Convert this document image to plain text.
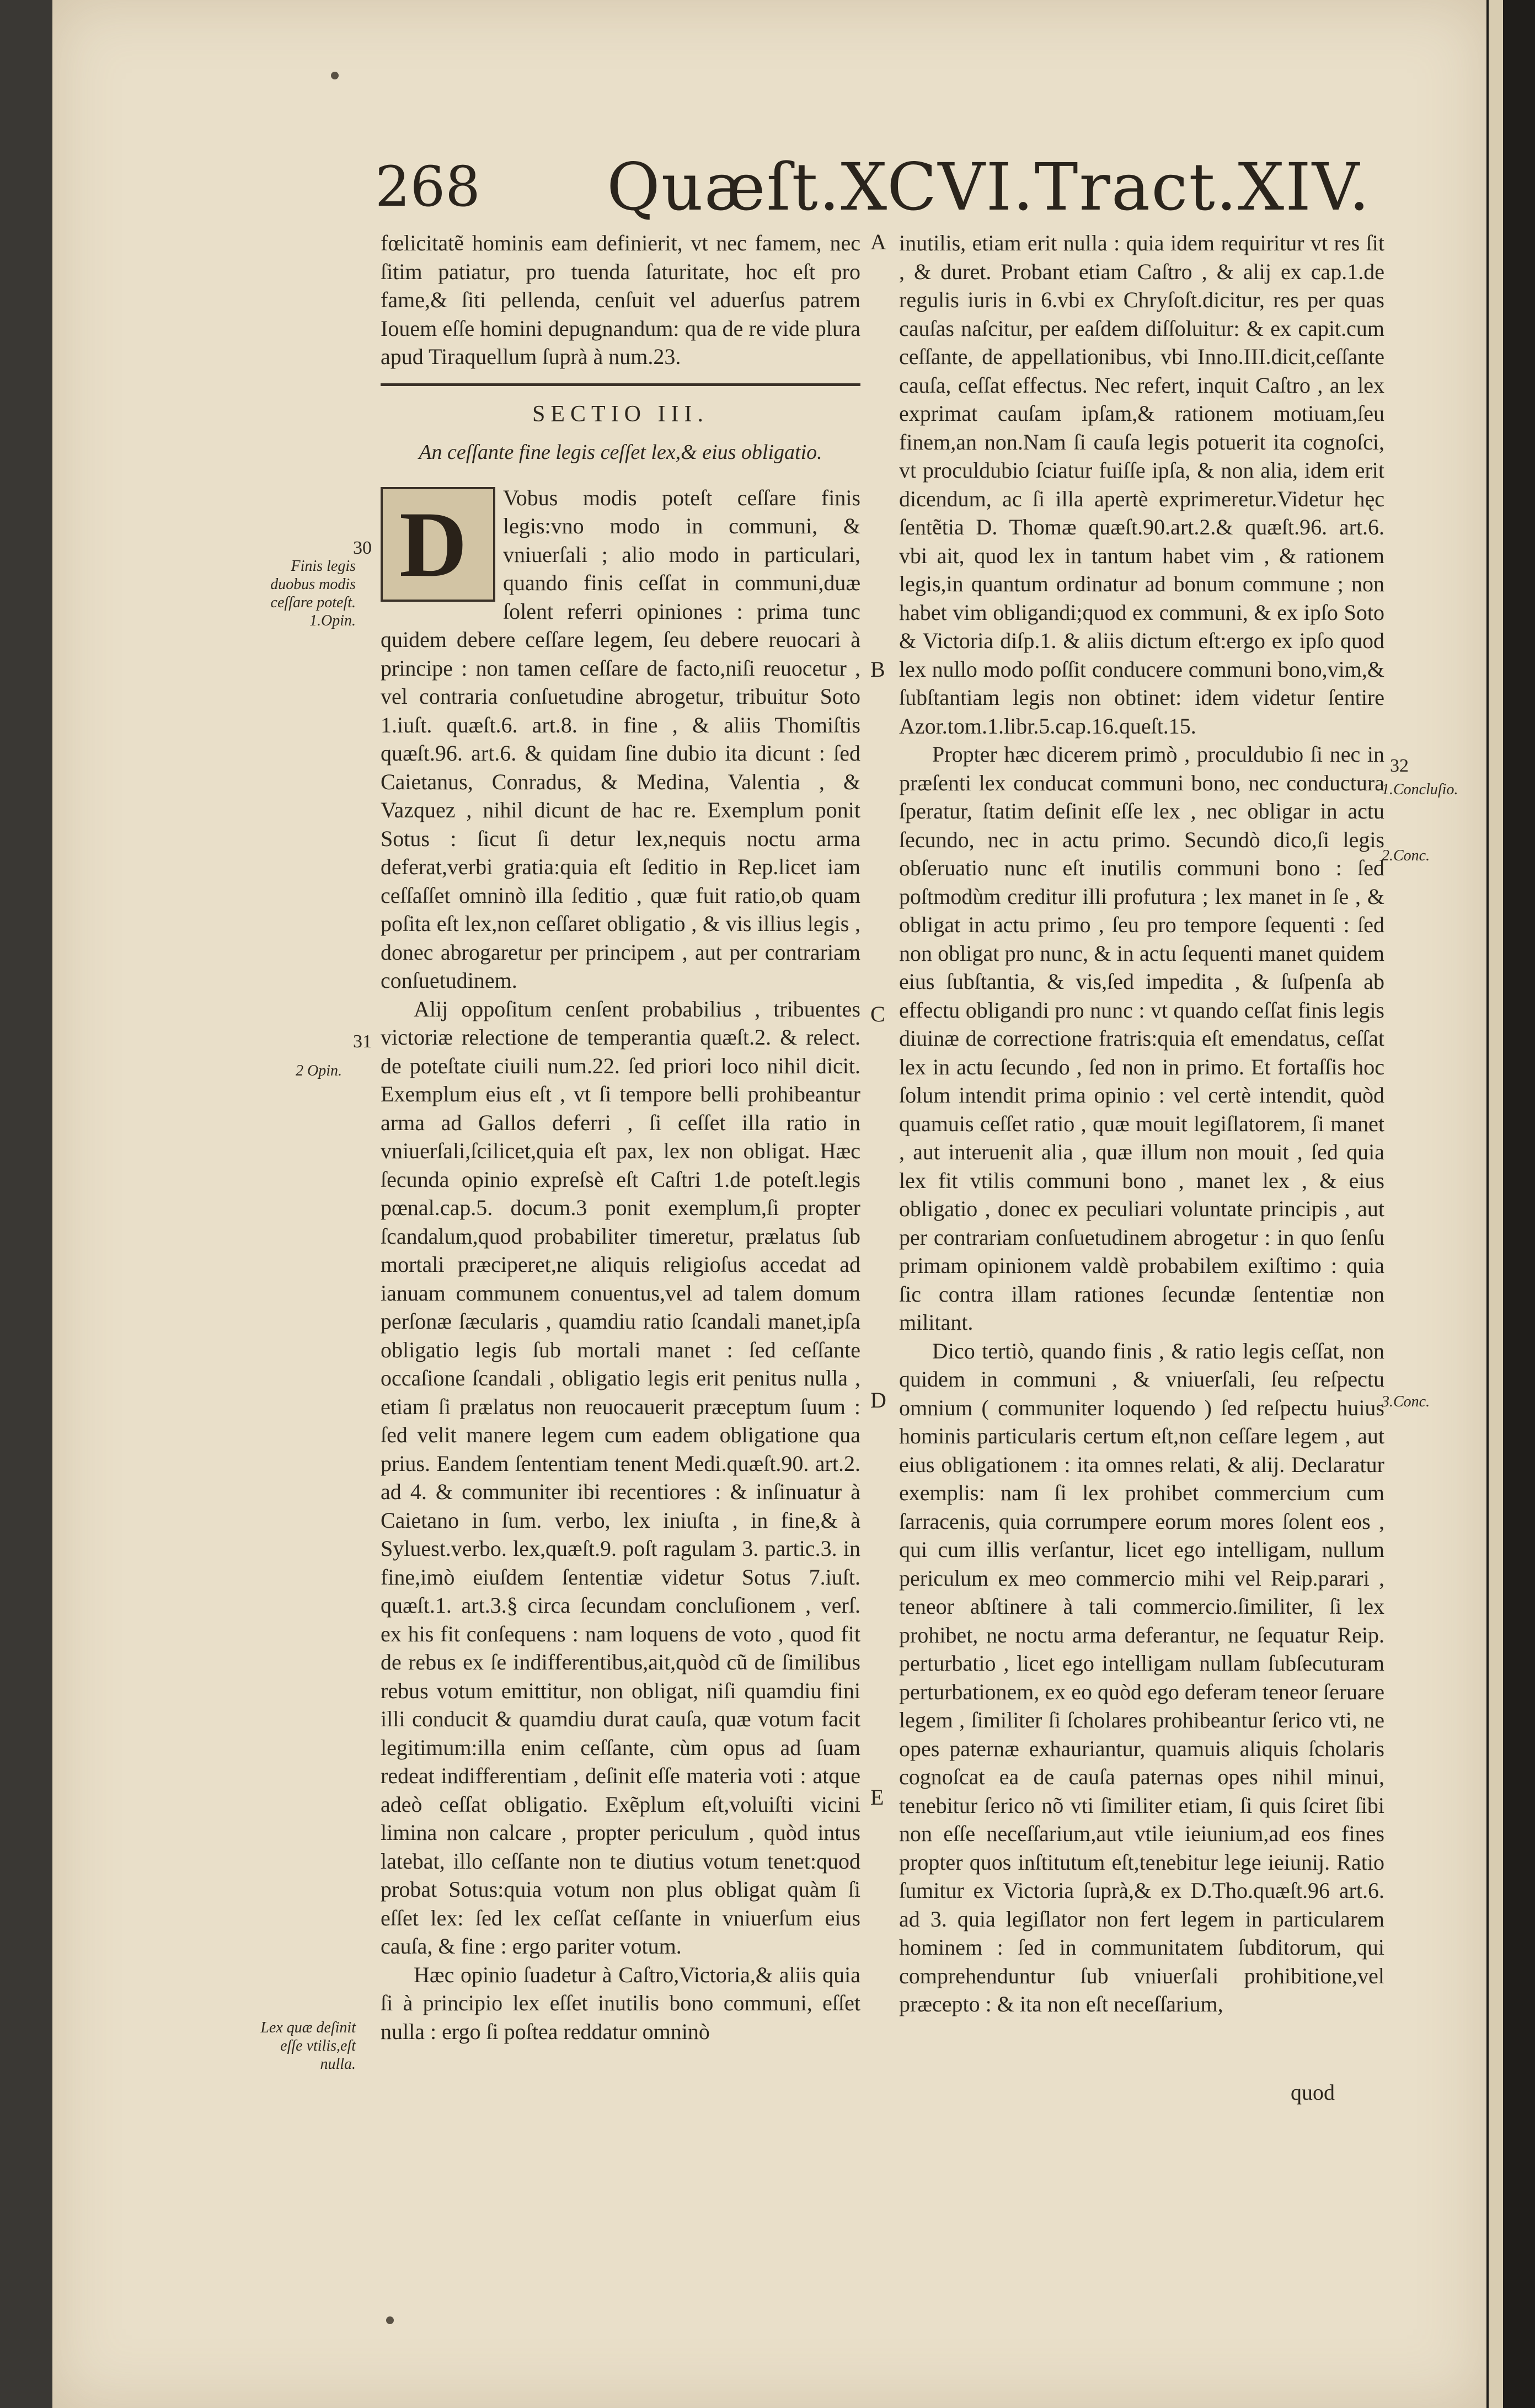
268 Quæſt.XCVI.Tract.XIV.

fœlicitatẽ hominis eam definierit, vt nec famem, nec ſitim patiatur, pro tuenda ſaturitate, hoc eſt pro fame,& ſiti pellenda, cenſuit vel aduerſus patrem Iouem eſſe homini depugnandum: qua de re vide plura apud Tiraquellum ſuprà à num.23.

SECTIO III.
An ceſſante fine legis ceſſet lex,& eius obligatio.
D	Vobus modis poteſt ceſſare finis legis:vno modo in communi, & vniuerſali ; alio modo in particulari, quando finis ceſſat in communi,duæ ſolent referri opiniones : prima tunc quidem debere ceſſare legem, ſeu debere reuocari à principe : non tamen ceſſare de facto,niſi reuocetur , vel contraria conſuetudine abrogetur, tribuitur Soto 1.iuſt. quæſt.6. art.8. in fine , & aliis Thomiſtis quæſt.96. art.6. & quidam ſine dubio ita dicunt : ſed Caietanus, Conradus, & Medina, Valentia , & Vazquez , nihil dicunt de hac re. Exemplum ponit Sotus : ſicut ſi detur lex,nequis noctu arma deferat,verbi gratia:quia eſt ſeditio in Rep.licet iam ceſſaſſet omninò illa ſeditio , quæ fuit ratio,ob quam poſita eſt lex,non ceſſaret obligatio , & vis illius legis , donec abrogaretur per principem , aut per contrariam conſuetudinem.

Alij oppoſitum cenſent probabilius , tribuentes victoriæ relectione de temperantia quæſt.2. & relect. de poteſtate ciuili num.22. ſed priori loco nihil dicit. Exemplum eius eſt , vt ſi tempore belli prohibeantur arma ad Gallos deferri , ſi ceſſet illa ratio in vniuerſali,ſcilicet,quia eſt pax, lex non obligat. Hæc ſecunda opinio expreſsè eſt Caſtri 1.de poteſt.legis pœnal.cap.5. docum.3 ponit exemplum,ſi propter ſcandalum,quod probabiliter timeretur, prælatus ſub mortali præciperet,ne aliquis religioſus accedat ad ianuam communem conuentus,vel ad talem domum perſonæ ſæcularis , quamdiu ratio ſcandali manet,ipſa obligatio legis ſub mortali manet : ſed ceſſante occaſione ſcandali , obligatio legis erit penitus nulla , etiam ſi prælatus non reuocauerit præceptum ſuum : ſed velit manere legem cum eadem obligatione qua prius. Eandem ſententiam tenent Medi.quæſt.90. art.2. ad 4. & communiter ibi recentiores : & inſinuatur à Caietano in ſum. verbo, lex iniuſta , in fine,& à Syluest.verbo. lex,quæſt.9. poſt ragulam 3. partic.3. in fine,imò eiuſdem ſententiæ videtur Sotus 7.iuſt. quæſt.1. art.3.§ circa ſecundam concluſionem , verſ. ex his fit conſequens : nam loquens de voto , quod fit de rebus ex ſe indifferentibus,ait,quòd cũ de ſimilibus rebus votum emittitur, non obligat, niſi quamdiu fini illi conducit & quamdiu durat cauſa, quæ votum facit legitimum:illa enim ceſſante, cùm opus ad ſuam redeat indifferentiam , deſinit eſſe materia voti : atque adeò ceſſat obligatio. Exẽplum eſt,voluiſti vicini limina non calcare , propter periculum , quòd intus latebat, illo ceſſante non te diutius votum tenet:quod probat Sotus:quia votum non plus obligat quàm ſi eſſet lex: ſed lex ceſſat ceſſante in vniuerſum eius cauſa, & fine : ergo pariter votum.

Hæc opinio ſuadetur à Caſtro,Victoria,& aliis quia ſi à principio lex eſſet inutilis bono communi, eſſet nulla : ergo ſi poſtea reddatur omninò

inutilis, etiam erit nulla : quia idem requiritur vt res ſit , & duret. Probant etiam Caſtro , & alij ex cap.1.de regulis iuris in 6.vbi ex Chryſoſt.dicitur, res per quas cauſas naſcitur, per eaſdem diſſoluitur: & ex capit.cum ceſſante, de appellationibus, vbi Inno.III.dicit,ceſſante cauſa, ceſſat effectus. Nec refert, inquit Caſtro , an lex exprimat cauſam ipſam,& rationem motiuam,ſeu finem,an non.Nam ſi cauſa legis potuerit ita cognoſci, vt proculdubio ſciatur fuiſſe ipſa, & non alia, idem erit dicendum, ac ſi illa apertè exprimeretur.Videtur hęc ſentẽtia D. Thomæ quæſt.90.art.2.& quæſt.96. art.6. vbi ait, quod lex in tantum habet vim , & rationem legis,in quantum ordinatur ad bonum commune ; non habet vim obligandi;quod ex communi, & ex ipſo Soto & Victoria diſp.1. & aliis dictum eſt:ergo ex ipſo quod lex nullo modo poſſit conducere communi bono,vim,& ſubſtantiam legis non obtinet: idem videtur ſentire Azor.tom.1.libr.5.cap.16.queſt.15.

Propter hæc dicerem primò , proculdubio ſi nec in præſenti lex conducat communi bono, nec conductura ſperatur, ſtatim deſinit eſſe lex , nec obligar in actu ſecundo, nec in actu primo. Secundò dico,ſi legis obſeruatio nunc eſt inutilis communi bono : ſed poſtmodùm creditur illi profutura ; lex manet in ſe , & obligat in actu primo , ſeu pro tempore ſequenti : ſed non obligat pro nunc, & in actu ſequenti manet quidem eius ſubſtantia, & vis,ſed impedita , & ſuſpenſa ab effectu obligandi pro nunc : vt quando ceſſat finis legis diuinæ de correctione fratris:quia eſt emendatus, ceſſat lex in actu ſecundo , ſed non in primo. Et fortaſſis hoc ſolum intendit prima opinio : vel certè intendit, quòd quamuis ceſſet ratio , quæ mouit legiſlatorem, ſi manet , aut interuenit alia , quæ illum non mouit , ſed quia lex fit vtilis communi bono , manet lex , & eius obligatio , donec ex peculiari voluntate principis , aut per contrariam conſuetudinem abrogetur : in quo ſenſu primam opinionem valdè probabilem exiſtimo : quia ſic contra illam rationes ſecundæ ſententiæ non militant.

Dico tertiò, quando finis , & ratio legis ceſſat, non quidem in communi , & vniuerſali, ſeu reſpectu omnium ( communiter loquendo ) ſed reſpectu huius hominis particularis certum eſt,non ceſſare legem , aut eius obligationem : ita omnes relati, & alij. Declaratur exemplis: nam ſi lex prohibet commercium cum ſarracenis, quia corrumpere eorum mores ſolent eos , qui cum illis verſantur, licet ego intelligam, nullum periculum ex meo commercio mihi vel Reip.parari , teneor abſtinere à tali commercio.ſimiliter, ſi lex prohibet, ne noctu arma deferantur, ne ſequatur Reip. perturbatio , licet ego intelligam nullam ſubſecuturam perturbationem, ex eo quòd ego deferam teneor ſeruare legem , ſimiliter ſi ſcholares prohibeantur ſerico vti, ne opes paternæ exhauriantur, quamuis aliquis ſcholaris cognoſcat ea de cauſa paternas opes nihil minui, tenebitur ſerico nõ vti ſimiliter etiam, ſi quis ſciret ſibi non eſſe neceſſarium,aut vtile ieiunium,ad eos fines propter quos inſtitutum eſt,tenebitur lege ieiunij. Ratio ſumitur ex Victoria ſuprà,& ex D.Tho.quæſt.96 art.6. ad 3. quia legiſlator non fert legem in particularem hominem : ſed in communitatem ſubditorum, qui comprehenduntur ſub vniuerſali prohibitione,vel præcepto : & ita non eſt neceſſarium,

quod
30
31
32
Finis legis duobus modis ceſſare poteſt. 1.Opin.
2 Opin.
Lex quæ deſinit eſſe vtilis,eſt nulla.
1.Concluſio.
2.Conc.
3.Conc.
A
B
C
D
E
